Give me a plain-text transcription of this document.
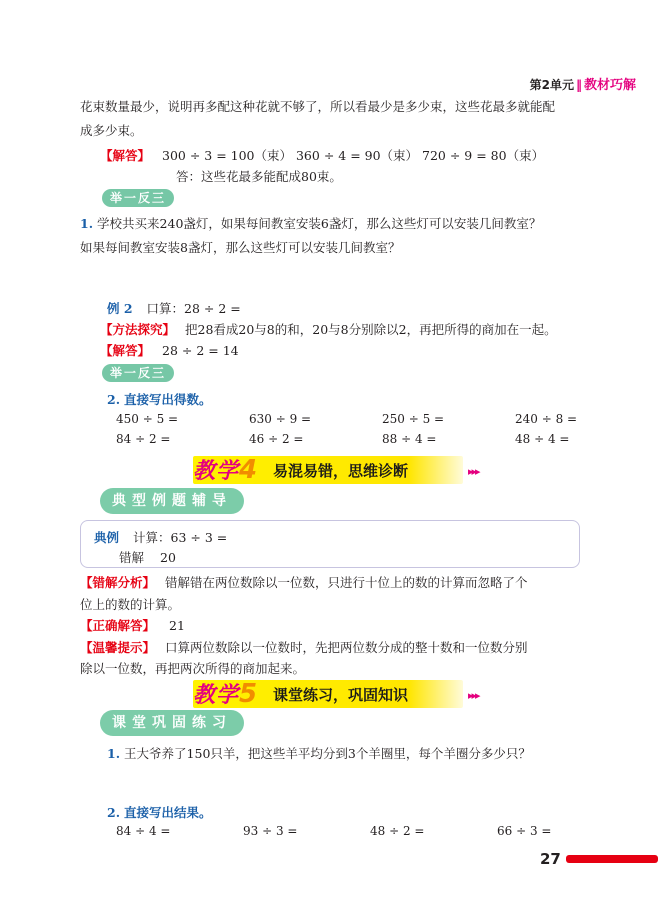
第2单元 ‖ 教材巧解
花束数量最少，说明再多配这种花就不够了，所以看最少是多少束，这些花最多就能配
成多少束。
【解答】 300 ÷ 3 = 100（束） 360 ÷ 4 = 90（束） 720 ÷ 9 = 80（束）
答：这些花最多能配成80束。
举一反三
1. 学校共买来240盏灯，如果每间教室安装6盏灯，那么这些灯可以安装几间教室？
如果每间教室安装8盏灯，那么这些灯可以安装几间教室？
例 2 口算：28 ÷ 2 =
【方法探究】 把28看成20与8的和，20与8分别除以2，再把所得的商加在一起。
【解答】 28 ÷ 2 = 14
举一反三
2. 直接写出得数。
450 ÷ 5 =	630 ÷ 9 =	250 ÷ 5 =	240 ÷ 8 =
84 ÷ 2 =	46 ÷ 2 =	88 ÷ 4 =	48 ÷ 4 =
教学4 易混易错，思维诊断	▸▸▸
典型例题辅导
典例 计算：63 ÷ 3 =
错解 20
【错解分析】 错解错在两位数除以一位数，只进行十位上的数的计算而忽略了个
位上的数的计算。
【正确解答】 21
【温馨提示】 口算两位数除以一位数时，先把两位数分成的整十数和一位数分别
除以一位数，再把两次所得的商加起来。
教学5 课堂练习，巩固知识	▸▸▸
课堂巩固练习
1. 王大爷养了150只羊，把这些羊平均分到3个羊圈里，每个羊圈分多少只？
2. 直接写出结果。
84 ÷ 4 =	93 ÷ 3 =	48 ÷ 2 =	66 ÷ 3 =
27
